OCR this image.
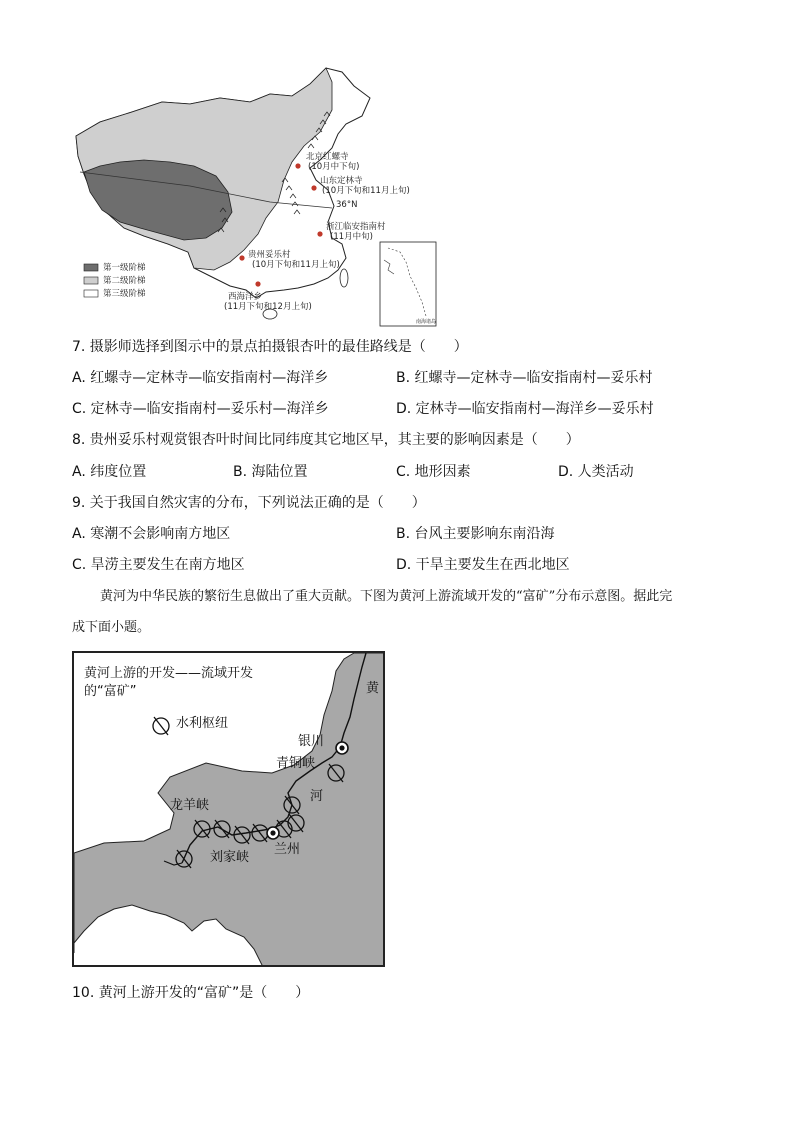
第一级阶梯
第二级阶梯
第三级阶梯
北京红螺寺
(10月中下旬)
山东定林寺
(10月下旬和11月上旬)
36°N
浙江临安指南村
(11月中旬)
贵州妥乐村
(10月下旬和11月上旬)
西海洋乡
(11月下旬和12月上旬)
南海诸岛
7. 摄影师选择到图示中的景点拍摄银杏叶的最佳路线是（　　）
A. 红螺寺—定林寺—临安指南村—海洋乡	B. 红螺寺—定林寺—临安指南村—妥乐村
C. 定林寺—临安指南村—妥乐村—海洋乡	D. 定林寺—临安指南村—海洋乡—妥乐村
8. 贵州妥乐村观赏银杏叶时间比同纬度其它地区早，其主要的影响因素是（　　）
A. 纬度位置	B. 海陆位置	C. 地形因素	D. 人类活动
9. 关于我国自然灾害的分布，下列说法正确的是（　　）
A. 寒潮不会影响南方地区	B. 台风主要影响东南沿海
C. 旱涝主要发生在南方地区	D. 干旱主要发生在西北地区
黄河为中华民族的繁衍生息做出了重大贡献。下图为黄河上游流域开发的“富矿”分布示意图。据此完
成下面小题。
黄河上游的开发——流域开发
的“富矿”
水利枢纽
黄
银川
青铜峡
河
龙羊峡
刘家峡
兰州
10. 黄河上游开发的“富矿”是（　　）
